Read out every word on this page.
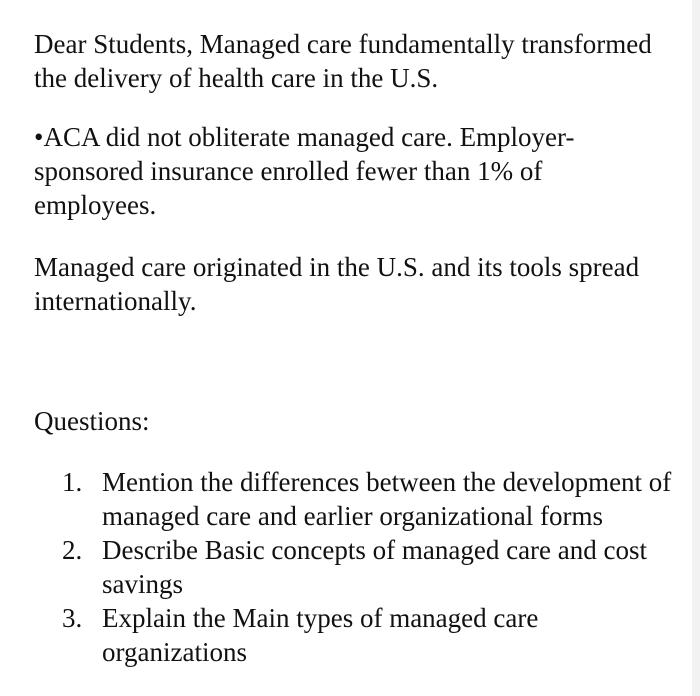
Dear Students, Managed care fundamentally transformed the delivery of health care in the U.S.

•ACA did not obliterate managed care. Employer-sponsored insurance enrolled fewer than 1% of employees.

Managed care originated in the U.S. and its tools spread internationally.

Questions:

1. Mention the differences between the development of managed care and earlier organizational forms
2. Describe Basic concepts of managed care and cost savings
3. Explain the Main types of managed care organizations
